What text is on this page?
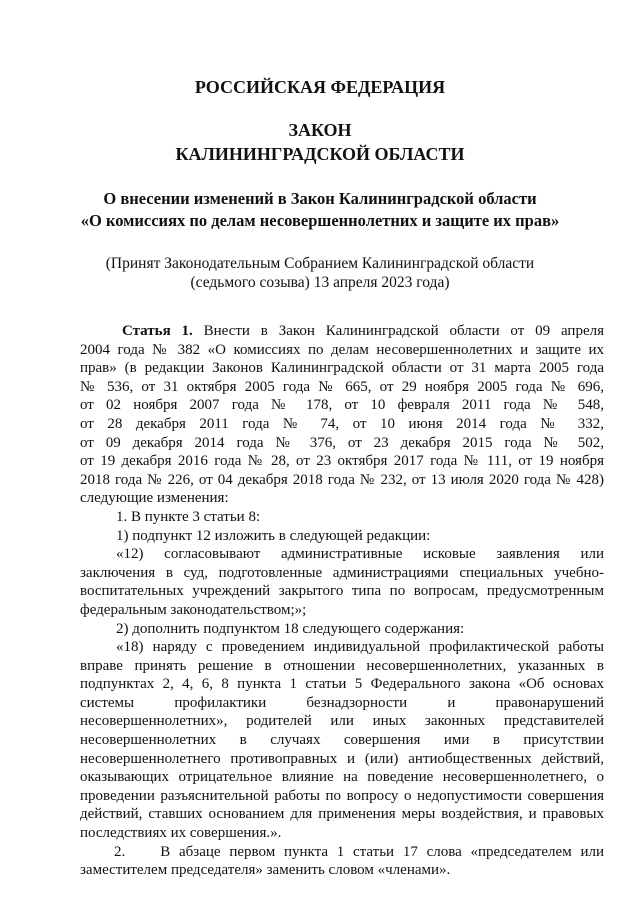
РОССИЙСКАЯ ФЕДЕРАЦИЯ
ЗАКОН
КАЛИНИНГРАДСКОЙ ОБЛАСТИ
О внесении изменений в Закон Калининградской области
«О комиссиях по делам несовершеннолетних и защите их прав»
(Принят Законодательным Собранием Калининградской области
(седьмого созыва) 13 апреля 2023 года)
Статья 1. Внести в Закон Калининградской области от 09 апреля
2004 года № 382 «О комиссиях по делам несовершеннолетних и защите их
прав» (в редакции Законов Калининградской области от 31 марта 2005 года
№ 536, от 31 октября 2005 года № 665, от 29 ноября 2005 года № 696,
от 02 ноября 2007 года № 178, от 10 февраля 2011 года № 548,
от 28 декабря 2011 года № 74, от 10 июня 2014 года № 332,
от 09 декабря 2014 года № 376, от 23 декабря 2015 года № 502,
от 19 декабря 2016 года № 28, от 23 октября 2017 года № 111, от 19 ноября
2018 года № 226, от 04 декабря 2018 года № 232, от 13 июля 2020 года № 428)
следующие изменения:
1. В пункте 3 статьи 8:
1) подпункт 12 изложить в следующей редакции:
«12) согласовывают административные исковые заявления или
заключения в суд, подготовленные администрациями специальных учебно-
воспитательных учреждений закрытого типа по вопросам, предусмотренным
федеральным законодательством;»;
2) дополнить подпунктом 18 следующего содержания:
«18) наряду с проведением индивидуальной профилактической работы
вправе принять решение в отношении несовершеннолетних, указанных в
подпунктах 2, 4, 6, 8 пункта 1 статьи 5 Федерального закона «Об основах
системы профилактики безнадзорности и правонарушений
несовершеннолетних», родителей или иных законных представителей
несовершеннолетних в случаях совершения ими в присутствии
несовершеннолетнего противоправных и (или) антиобщественных действий,
оказывающих отрицательное влияние на поведение несовершеннолетнего, о
проведении разъяснительной работы по вопросу о недопустимости совершения
действий, ставших основанием для применения меры воздействия, и правовых
последствиях их совершения.».
2.    В абзаце первом пункта 1 статьи 17 слова «председателем или
заместителем председателя» заменить словом «членами».
